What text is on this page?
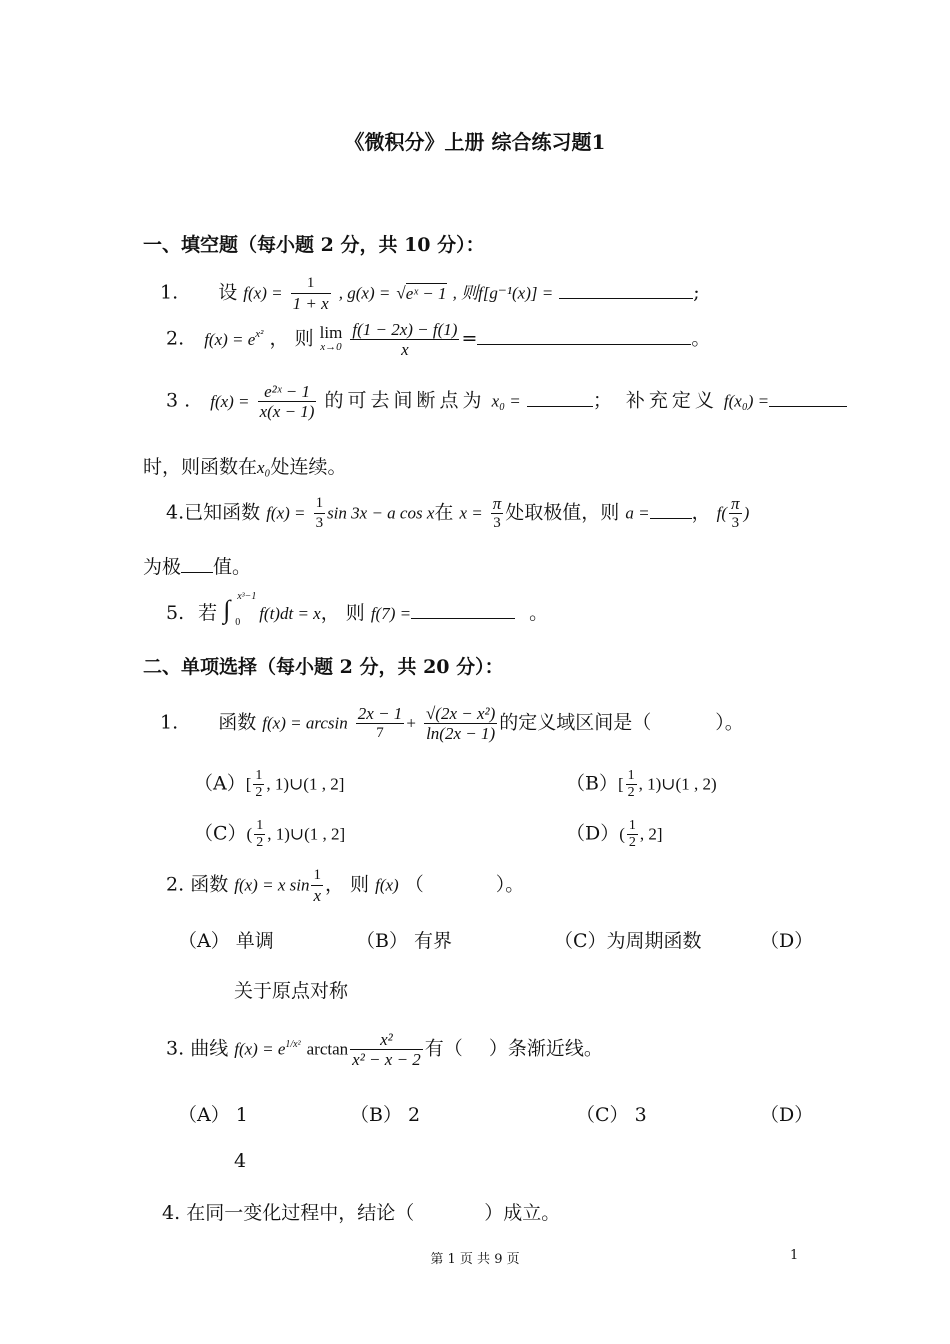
《微积分》上册 综合练习题1
一、填空题（每小题 2 分，共 10 分）：
1. 设 $f(x) = \frac{1}{1 + x}$ , g(x) = √eˣ − 1 , 则f[g⁻¹(x)] =	;
2. $f(x) = e^{x^2}$ ， 则 lim
x→0
$\frac{f(1 - 2x) - f(1)}{x}$ =	。
3 . $f(x) = \frac{\text{e²ˣ − 1}}{x(x - 1)}$ 的可去间断点为 x₀ =	； 补充定义 f(x₀) =
时，则函数在x₀处连续。
4.已知函数 $f(x) = \frac{1}{3}$ sin 3x − a cos x在 $x = \frac{\pi}{3}$ 处取极值，则 a = ， $f( \frac{\pi}{3}$ )
为极 值。
5. 若 ∫ x³−1
0 f(t)dt = x， 则 f(7) =	。
二、单项选择（每小题 2 分，共 20 分）：
1. 函数 $f(x) = \arcsin \frac{2x - 1}{7} + \frac{\text{√(2x − x²)}}{\ln(2x - 1)}$ 的定义域区间是（	）。
$(A)[ \frac{1}{2}$ , 1)∪(1 , 2]	$(B)[ \frac{1}{2}$ , 1)∪(1 , 2)
$(C)( \frac{1}{2}$ , 1)∪(1 , 2]	$(D)( \frac{1}{2}$ , 2]
2. 函数 f(x) = x $\sin \frac{1}{x}$ ， 则 f(x) （	）。
（A） 单调	（B） 有界	（C）为周期函数	（D）
关于原点对称
3. 曲线 $f(x) = e^{1/x^2}$ $\arctan \frac{\text{x²}}{\text{x² − x − 2}}$ 有（ ）条渐近线。
（A） 1	（B） 2	（C） 3	（D）
4
4. 在同一变化过程中，结论（	）成立。
第 1 页 共 9 页	1
